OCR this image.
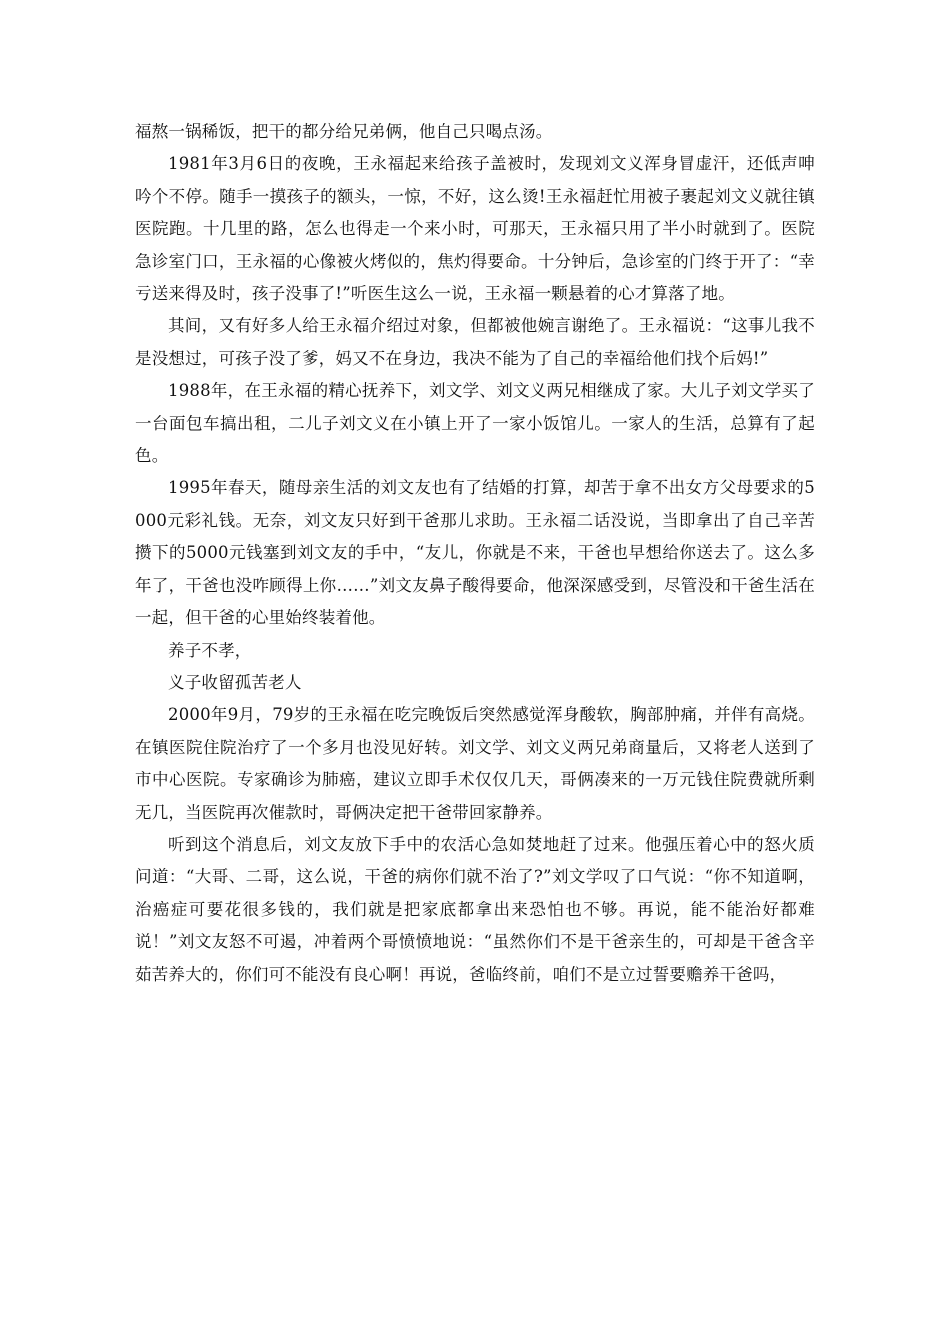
福熬一锅稀饭，把干的都分给兄弟俩，他自己只喝点汤。

1981年3月6日的夜晚，王永福起来给孩子盖被时，发现刘文义浑身冒虚汗，还低声呻吟个不停。随手一摸孩子的额头，一惊，不好，这么烫!王永福赶忙用被子裹起刘文义就往镇医院跑。十几里的路，怎么也得走一个来小时，可那天，王永福只用了半小时就到了。医院急诊室门口，王永福的心像被火烤似的，焦灼得要命。十分钟后，急诊室的门终于开了：“幸亏送来得及时，孩子没事了!”听医生这么一说，王永福一颗悬着的心才算落了地。

其间，又有好多人给王永福介绍过对象，但都被他婉言谢绝了。王永福说：“这事儿我不是没想过，可孩子没了爹，妈又不在身边，我决不能为了自己的幸福给他们找个后妈!”

1988年，在王永福的精心抚养下，刘文学、刘文义两兄相继成了家。大儿子刘文学买了一台面包车搞出租，二儿子刘文义在小镇上开了一家小饭馆儿。一家人的生活，总算有了起色。

1995年春天，随母亲生活的刘文友也有了结婚的打算，却苦于拿不出女方父母要求的5000元彩礼钱。无奈，刘文友只好到干爸那儿求助。王永福二话没说，当即拿出了自己辛苦攒下的5000元钱塞到刘文友的手中，“友儿，你就是不来，干爸也早想给你送去了。这么多年了，干爸也没咋顾得上你……”刘文友鼻子酸得要命，他深深感受到，尽管没和干爸生活在一起，但干爸的心里始终装着他。

养子不孝，

义子收留孤苦老人

2000年9月，79岁的王永福在吃完晚饭后突然感觉浑身酸软，胸部肿痛，并伴有高烧。在镇医院住院治疗了一个多月也没见好转。刘文学、刘文义两兄弟商量后，又将老人送到了市中心医院。专家确诊为肺癌，建议立即手术仅仅几天，哥俩凑来的一万元钱住院费就所剩无几，当医院再次催款时，哥俩决定把干爸带回家静养。

听到这个消息后，刘文友放下手中的农活心急如焚地赶了过来。他强压着心中的怒火质问道：“大哥、二哥，这么说，干爸的病你们就不治了?”刘文学叹了口气说：“你不知道啊，治癌症可要花很多钱的，我们就是把家底都拿出来恐怕也不够。再说，能不能治好都难说！”刘文友怒不可遏，冲着两个哥愤愤地说：“虽然你们不是干爸亲生的，可却是干爸含辛茹苦养大的，你们可不能没有良心啊！再说，爸临终前，咱们不是立过誓要赡养干爸吗，
